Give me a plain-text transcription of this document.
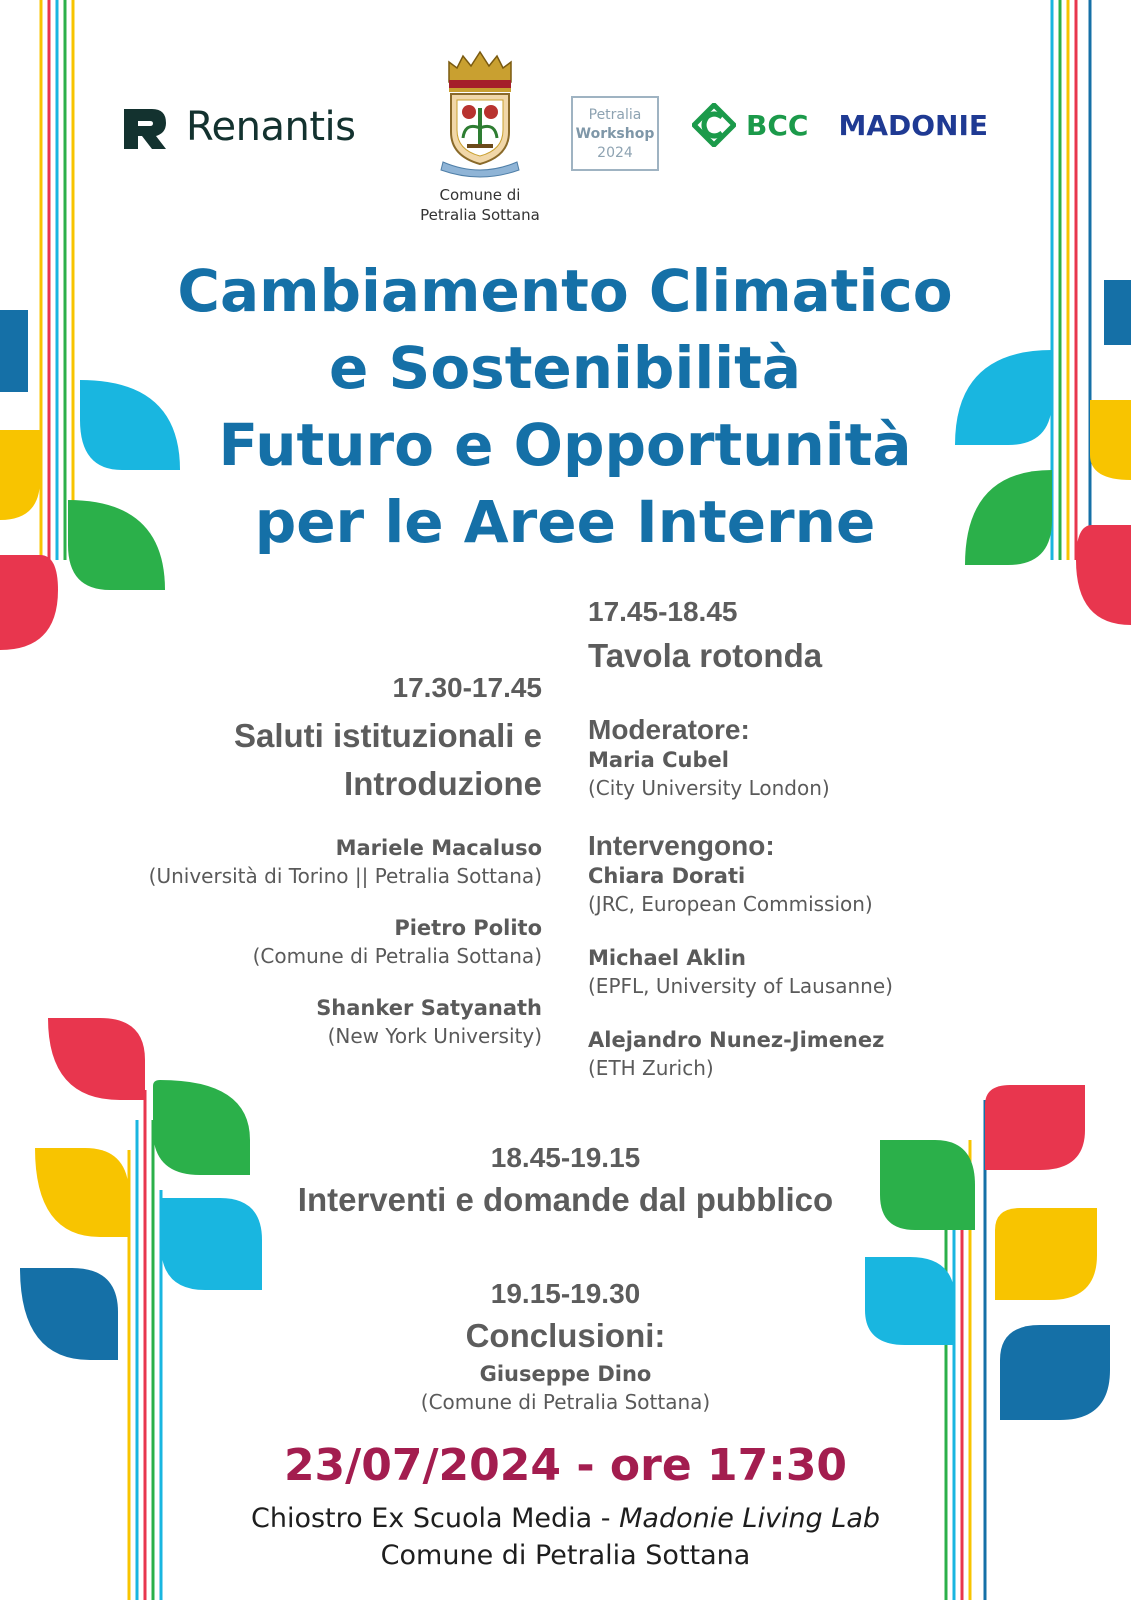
Renantis
Comune di
Petralia Sottana
Petralia
Workshop
2024
BCC MADONIE
Cambiamento Climatico
e Sostenibilità
Futuro e Opportunità
per le Aree Interne
17.30-17.45
Saluti istituzionali e
Introduzione
Mariele Macaluso
(Università di Torino || Petralia Sottana)
Pietro Polito
(Comune di Petralia Sottana)
Shanker Satyanath
(New York University)
17.45-18.45
Tavola rotonda
Moderatore:
Maria Cubel
(City University London)
Intervengono:
Chiara Dorati
(JRC, European Commission)
Michael Aklin
(EPFL, University of Lausanne)
Alejandro Nunez-Jimenez
(ETH Zurich)
18.45-19.15
Interventi e domande dal pubblico
19.15-19.30
Conclusioni:
Giuseppe Dino
(Comune di Petralia Sottana)
23/07/2024 - ore 17:30
Chiostro Ex Scuola Media - Madonie Living Lab
Comune di Petralia Sottana
